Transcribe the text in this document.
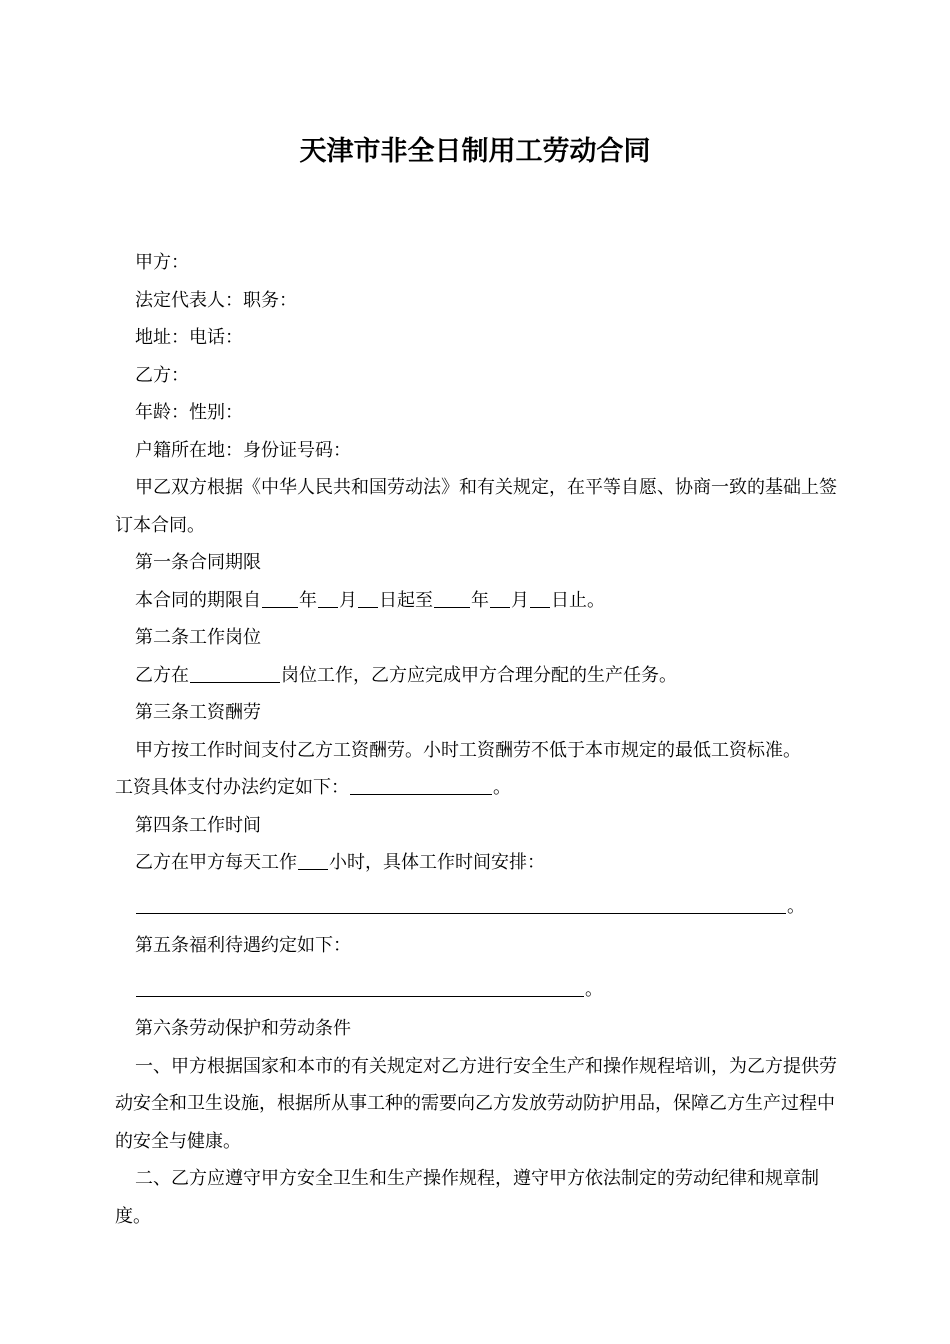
天津市非全日制用工劳动合同

甲方：

法定代表人：职务：

地址：电话：

乙方：

年龄：性别：

户籍所在地：身份证号码：

甲乙双方根据《中华人民共和国劳动法》和有关规定，在平等自愿、协商一致的基础上签订本合同。

第一条合同期限

本合同的期限自 年 月 日起至 年 月 日止。

第二条工作岗位

乙方在	岗位工作，乙方应完成甲方合理分配的生产任务。

第三条工资酬劳

甲方按工作时间支付乙方工资酬劳。小时工资酬劳不低于本市规定的最低工资标准。

工资具体支付办法约定如下：	。

第四条工作时间

乙方在甲方每天工作 小时，具体工作时间安排：

。

第五条福利待遇约定如下：

。

第六条劳动保护和劳动条件

一、甲方根据国家和本市的有关规定对乙方进行安全生产和操作规程培训，为乙方提供劳动安全和卫生设施，根据所从事工种的需要向乙方发放劳动防护用品，保障乙方生产过程中的安全与健康。

二、乙方应遵守甲方安全卫生和生产操作规程，遵守甲方依法制定的劳动纪律和规章制度。
